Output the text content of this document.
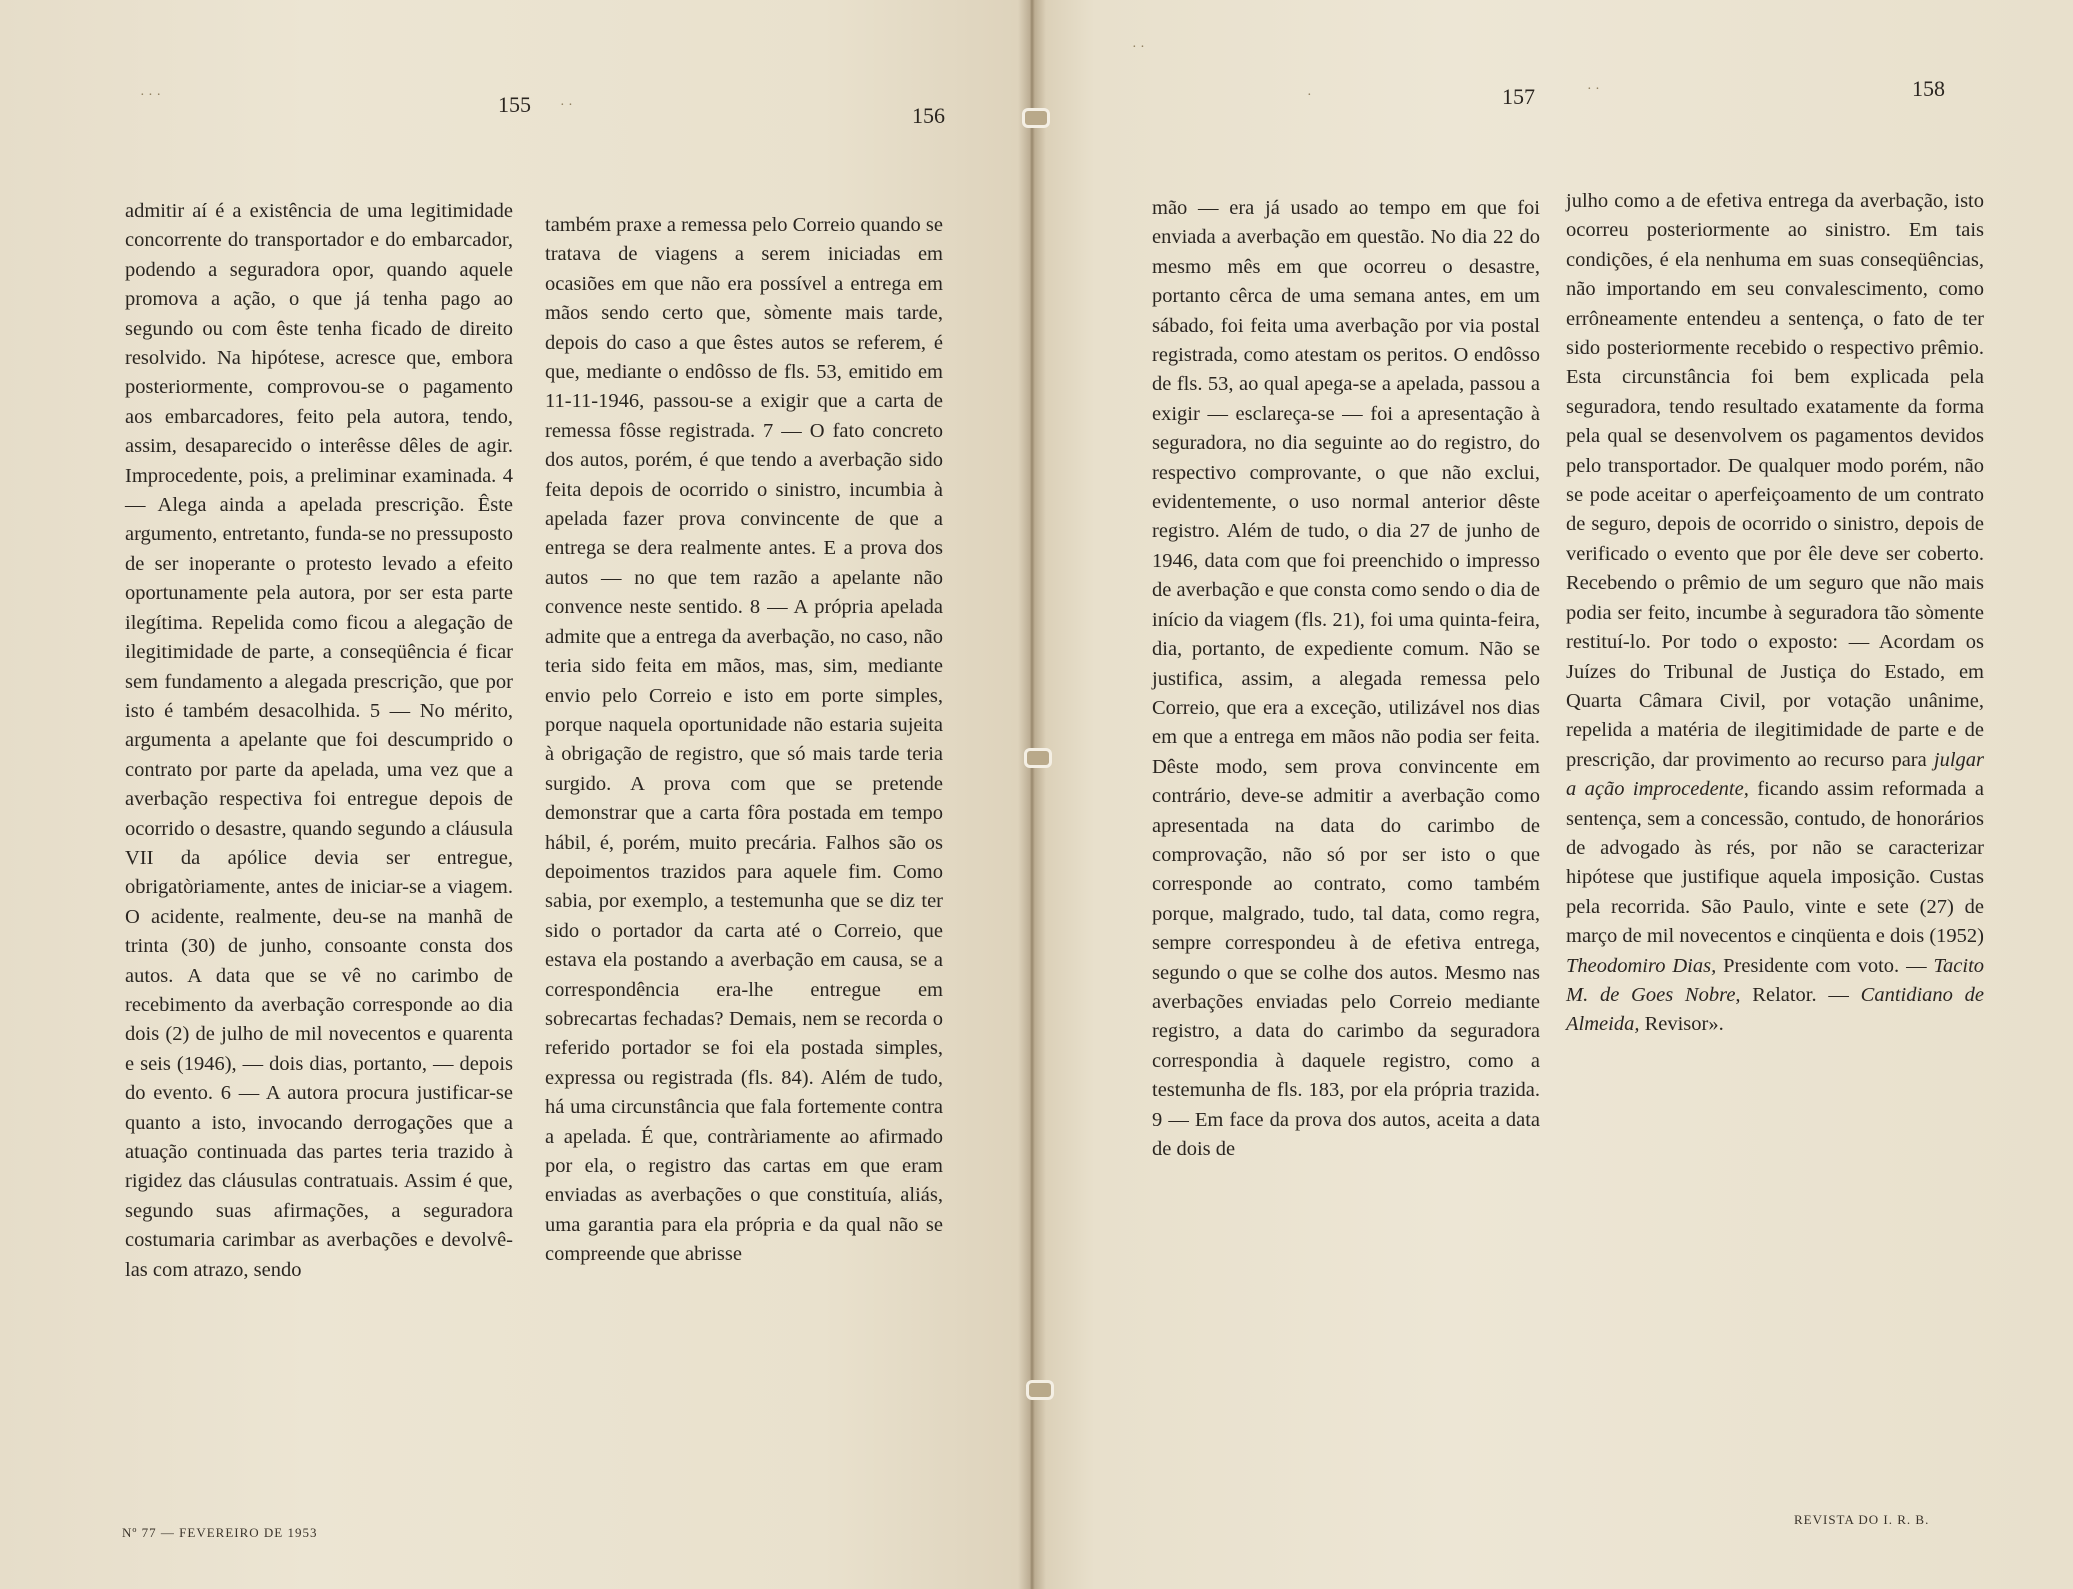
· · ·
· ·
155	156
admitir aí é a existência de uma legitimidade concorrente do transportador e do embarcador, podendo a seguradora opor, quando aquele promova a ação, o que já tenha pago ao segundo ou com êste tenha ficado de direito resolvido. Na hipótese, acresce que, embora posteriormente, comprovou-se o pagamento aos embarcadores, feito pela autora, tendo, assim, desaparecido o interêsse dêles de agir. Improcedente, pois, a preliminar examinada. 4 — Alega ainda a apelada prescrição. Êste argumento, entretanto, funda-se no pressuposto de ser inoperante o protesto levado a efeito oportunamente pela autora, por ser esta parte ilegítima. Repelida como ficou a alegação de ilegitimidade de parte, a conseqüência é ficar sem fundamento a alegada prescrição, que por isto é também desacolhida. 5 — No mérito, argumenta a apelante que foi descumprido o contrato por parte da apelada, uma vez que a averbação respectiva foi entregue depois de ocorrido o desastre, quando segundo a cláusula VII da apólice devia ser entregue, obrigatòriamente, antes de iniciar-se a viagem. O acidente, realmente, deu-se na manhã de trinta (30) de junho, consoante consta dos autos. A data que se vê no carimbo de recebimento da averbação corresponde ao dia dois (2) de julho de mil novecentos e quarenta e seis (1946), — dois dias, portanto, — depois do evento. 6 — A autora procura justificar-se quanto a isto, invocando derrogações que a atuação continuada das partes teria trazido à rigidez das cláusulas contratuais. Assim é que, segundo suas afirmações, a seguradora costumaria carimbar as averbações e devolvê-las com atrazo, sendo
também praxe a remessa pelo Correio quando se tratava de viagens a serem iniciadas em ocasiões em que não era possível a entrega em mãos sendo certo que, sòmente mais tarde, depois do caso a que êstes autos se referem, é que, mediante o endôsso de fls. 53, emitido em 11-11-1946, passou-se a exigir que a carta de remessa fôsse registrada. 7 — O fato concreto dos autos, porém, é que tendo a averbação sido feita depois de ocorrido o sinistro, incumbia à apelada fazer prova convincente de que a entrega se dera realmente antes. E a prova dos autos — no que tem razão a apelante não convence neste sentido. 8 — A própria apelada admite que a entrega da averbação, no caso, não teria sido feita em mãos, mas, sim, mediante envio pelo Correio e isto em porte simples, porque naquela oportunidade não estaria sujeita à obrigação de registro, que só mais tarde teria surgido. A prova com que se pretende demonstrar que a carta fôra postada em tempo hábil, é, porém, muito precária. Falhos são os depoimentos trazidos para aquele fim. Como sabia, por exemplo, a testemunha que se diz ter sido o portador da carta até o Correio, que estava ela postando a averbação em causa, se a correspondência era-lhe entregue em sobrecartas fechadas? Demais, nem se recorda o referido portador se foi ela postada simples, expressa ou registrada (fls. 84). Além de tudo, há uma circunstância que fala fortemente contra a apelada. É que, contràriamente ao afirmado por ela, o registro das cartas em que eram enviadas as averbações o que constituía, aliás, uma garantia para ela própria e da qual não se compreende que abrisse
Nº 77 — FEVEREIRO DE 1953
· ·
·	· ·
157	158
mão — era já usado ao tempo em que foi enviada a averbação em questão. No dia 22 do mesmo mês em que ocorreu o desastre, portanto cêrca de uma semana antes, em um sábado, foi feita uma averbação por via postal registrada, como atestam os peritos. O endôsso de fls. 53, ao qual apega-se a apelada, passou a exigir — esclareça-se — foi a apresentação à seguradora, no dia seguinte ao do registro, do respectivo comprovante, o que não exclui, evidentemente, o uso normal anterior dêste registro. Além de tudo, o dia 27 de junho de 1946, data com que foi preenchido o impresso de averbação e que consta como sendo o dia de início da viagem (fls. 21), foi uma quinta-feira, dia, portanto, de expediente comum. Não se justifica, assim, a alegada remessa pelo Correio, que era a exceção, utilizável nos dias em que a entrega em mãos não podia ser feita. Dêste modo, sem prova convincente em contrário, deve-se admitir a averbação como apresentada na data do carimbo de comprovação, não só por ser isto o que corresponde ao contrato, como também porque, malgrado, tudo, tal data, como regra, sempre correspondeu à de efetiva entrega, segundo o que se colhe dos autos. Mesmo nas averbações enviadas pelo Correio mediante registro, a data do carimbo da seguradora correspondia à daquele registro, como a testemunha de fls. 183, por ela própria trazida. 9 — Em face da prova dos autos, aceita a data de dois de
julho como a de efetiva entrega da averbação, isto ocorreu posteriormente ao sinistro. Em tais condições, é ela nenhuma em suas conseqüências, não importando em seu convalescimento, como errôneamente entendeu a sentença, o fato de ter sido posteriormente recebido o respectivo prêmio. Esta circunstância foi bem explicada pela seguradora, tendo resultado exatamente da forma pela qual se desenvolvem os pagamentos devidos pelo transportador. De qualquer modo porém, não se pode aceitar o aperfeiçoamento de um contrato de seguro, depois de ocorrido o sinistro, depois de verificado o evento que por êle deve ser coberto. Recebendo o prêmio de um seguro que não mais podia ser feito, incumbe à seguradora tão sòmente restituí-lo. Por todo o exposto: — Acordam os Juízes do Tribunal de Justiça do Estado, em Quarta Câmara Civil, por votação unânime, repelida a matéria de ilegitimidade de parte e de prescrição, dar provimento ao recurso para julgar a ação improcedente, ficando assim reformada a sentença, sem a concessão, contudo, de honorários de advogado às rés, por não se caracterizar hipótese que justifique aquela imposição. Custas pela recorrida. São Paulo, vinte e sete (27) de março de mil novecentos e cinqüenta e dois (1952) Theodomiro Dias, Presidente com voto. — Tacito M. de Goes Nobre, Relator. — Cantidiano de Almeida, Revisor».
REVISTA DO I. R. B.
